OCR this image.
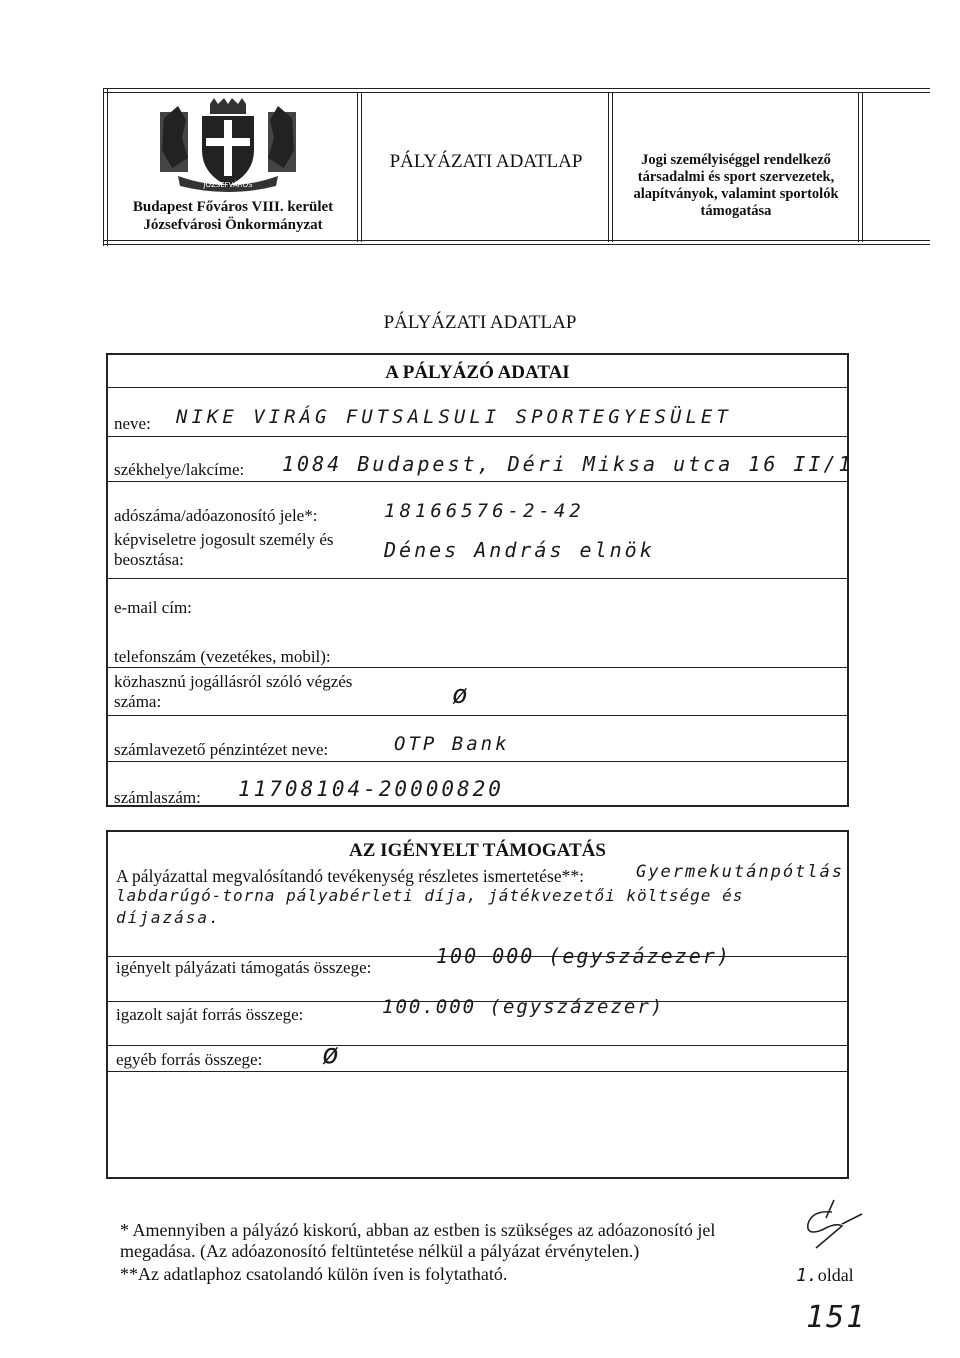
JÓZSEFVÁROS
Budapest Főváros VIII. kerület
Józsefvárosi Önkormányzat
PÁLYÁZATI ADATLAP	Jogi személyiséggel rendelkező társadalmi és sport szervezetek, alapítványok, valamint sportolók támogatása
PÁLYÁZATI ADATLAP
A PÁLYÁZÓ ADATAI
neve: NIKE VIRÁG FUTSALSULI SPORTEGYESÜLET
székhelye/lakcíme: 1084 Budapest, Déri Miksa utca 16 II/1
adószáma/adóazonosító jele*:	18166576-2-42
képviseletre jogosult személy és
beosztása:	Dénes András elnök
e-mail cím:
telefonszám (vezetékes, mobil):
közhasznú jogállásról szóló végzés
száma:	ø
számlavezető pénzintézet neve:	OTP Bank
számlaszám: 11708104-20000820
AZ IGÉNYELT TÁMOGATÁS
A pályázattal megvalósítandó tevékenység részletes ismertetése**:	Gyermekutánpótlás
labdarúgó-torna pályabérleti díja, játékvezetői költsége és
díjazása.
igényelt pályázati támogatás összege:	100 000 (egyszázezer)
igazolt saját forrás összege:	100.000 (egyszázezer)
egyéb forrás összege: ø
* Amennyiben a pályázó kiskorú, abban az estben is szükséges az adóazonosító jel megadása. (Az adóazonosító feltüntetése nélkül a pályázat érvénytelen.)
**Az adatlaphoz csatolandó külön íven is folytatható.	1.oldal
151
